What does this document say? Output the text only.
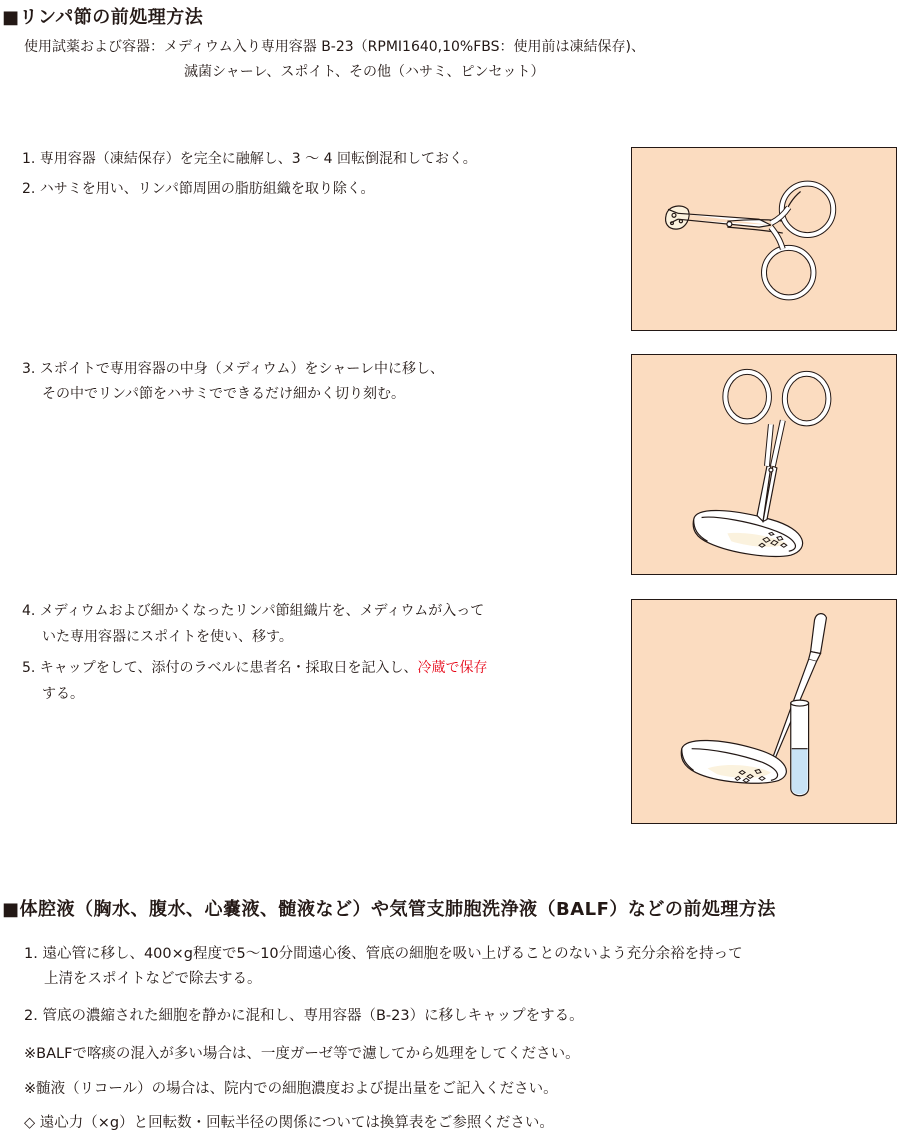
■リンパ節の前処理方法
使用試薬および容器：メディウム入り専用容器 B-23（RPMI1640,10%FBS：使用前は凍結保存)、
滅菌シャーレ、スポイト、その他（ハサミ、ピンセット）
1. 専用容器（凍結保存）を完全に融解し、3 ～ 4 回転倒混和しておく。
2. ハサミを用い、リンパ節周囲の脂肪組織を取り除く。
3. スポイトで専用容器の中身（メディウム）をシャーレ中に移し、
その中でリンパ節をハサミでできるだけ細かく切り刻む。
4. メディウムおよび細かくなったリンパ節組織片を、メディウムが入って
いた専用容器にスポイトを使い、移す。
5. キャップをして、添付のラベルに患者名・採取日を記入し、冷蔵で保存
する。
■体腔液（胸水、腹水、心嚢液、髄液など）や気管支肺胞洗浄液（BALF）などの前処理方法
1. 遠心管に移し、400×g程度で5～10分間遠心後、管底の細胞を吸い上げることのないよう充分余裕を持って
上清をスポイトなどで除去する。
2. 管底の濃縮された細胞を静かに混和し、専用容器（B-23）に移しキャップをする。
※BALFで喀痰の混入が多い場合は、一度ガーゼ等で濾してから処理をしてください。
※髄液（リコール）の場合は、院内での細胞濃度および提出量をご記入ください。
◇ 遠心力（×g）と回転数・回転半径の関係については換算表をご参照ください。
